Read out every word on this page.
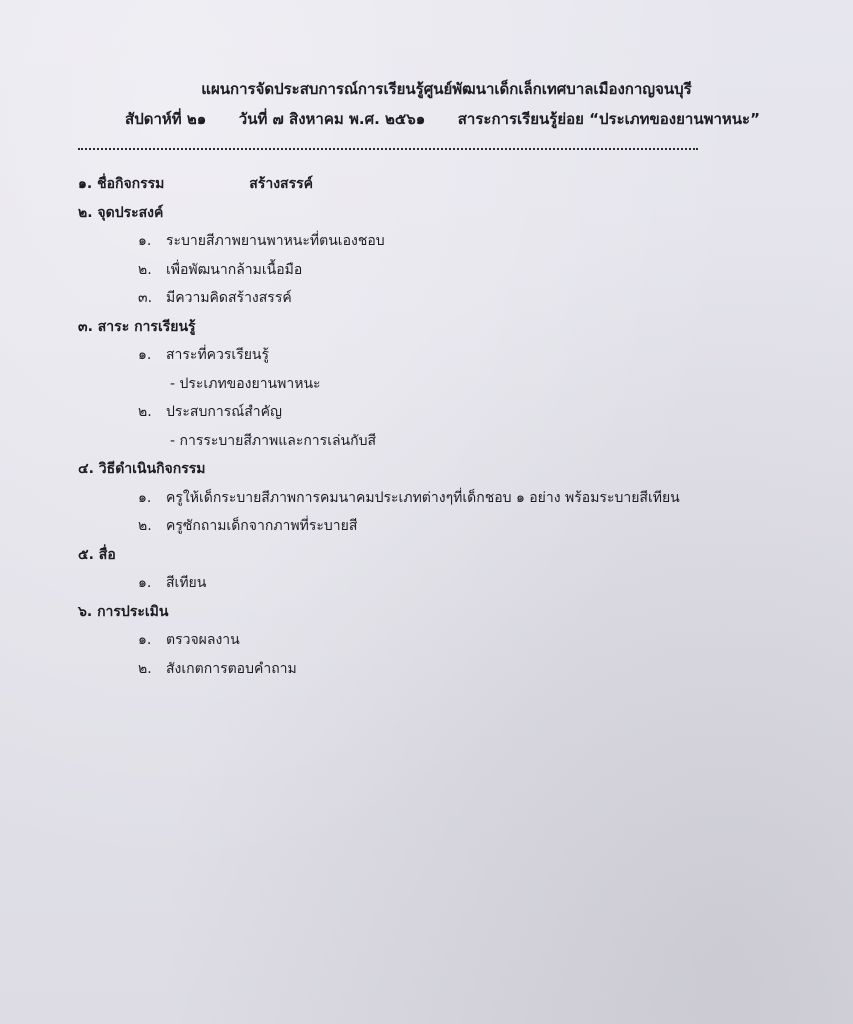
แผนการจัดประสบการณ์การเรียนรู้ศูนย์พัฒนาเด็กเล็กเทศบาลเมืองกาญจนบุรี
สัปดาห์ที่ ๒๑ วันที่ ๗ สิงหาคม พ.ศ. ๒๕๖๑ สาระการเรียนรู้ย่อย “ประเภทของยานพาหนะ”
๑. ชื่อกิจกรรม	สร้างสรรค์
๒. จุดประสงค์
๑. ระบายสีภาพยานพาหนะที่ตนเองชอบ
๒. เพื่อพัฒนากล้ามเนื้อมือ
๓. มีความคิดสร้างสรรค์
๓. สาระ การเรียนรู้
๑. สาระที่ควรเรียนรู้
- ประเภทของยานพาหนะ
๒. ประสบการณ์สำคัญ
- การระบายสีภาพและการเล่นกับสี
๔. วิธีดำเนินกิจกรรม
๑. ครูให้เด็กระบายสีภาพการคมนาคมประเภทต่างๆที่เด็กชอบ ๑ อย่าง พร้อมระบายสีเทียน
๒. ครูซักถามเด็กจากภาพที่ระบายสี
๕. สื่อ
๑. สีเทียน
๖. การประเมิน
๑. ตรวจผลงาน
๒. สังเกตการตอบคำถาม
